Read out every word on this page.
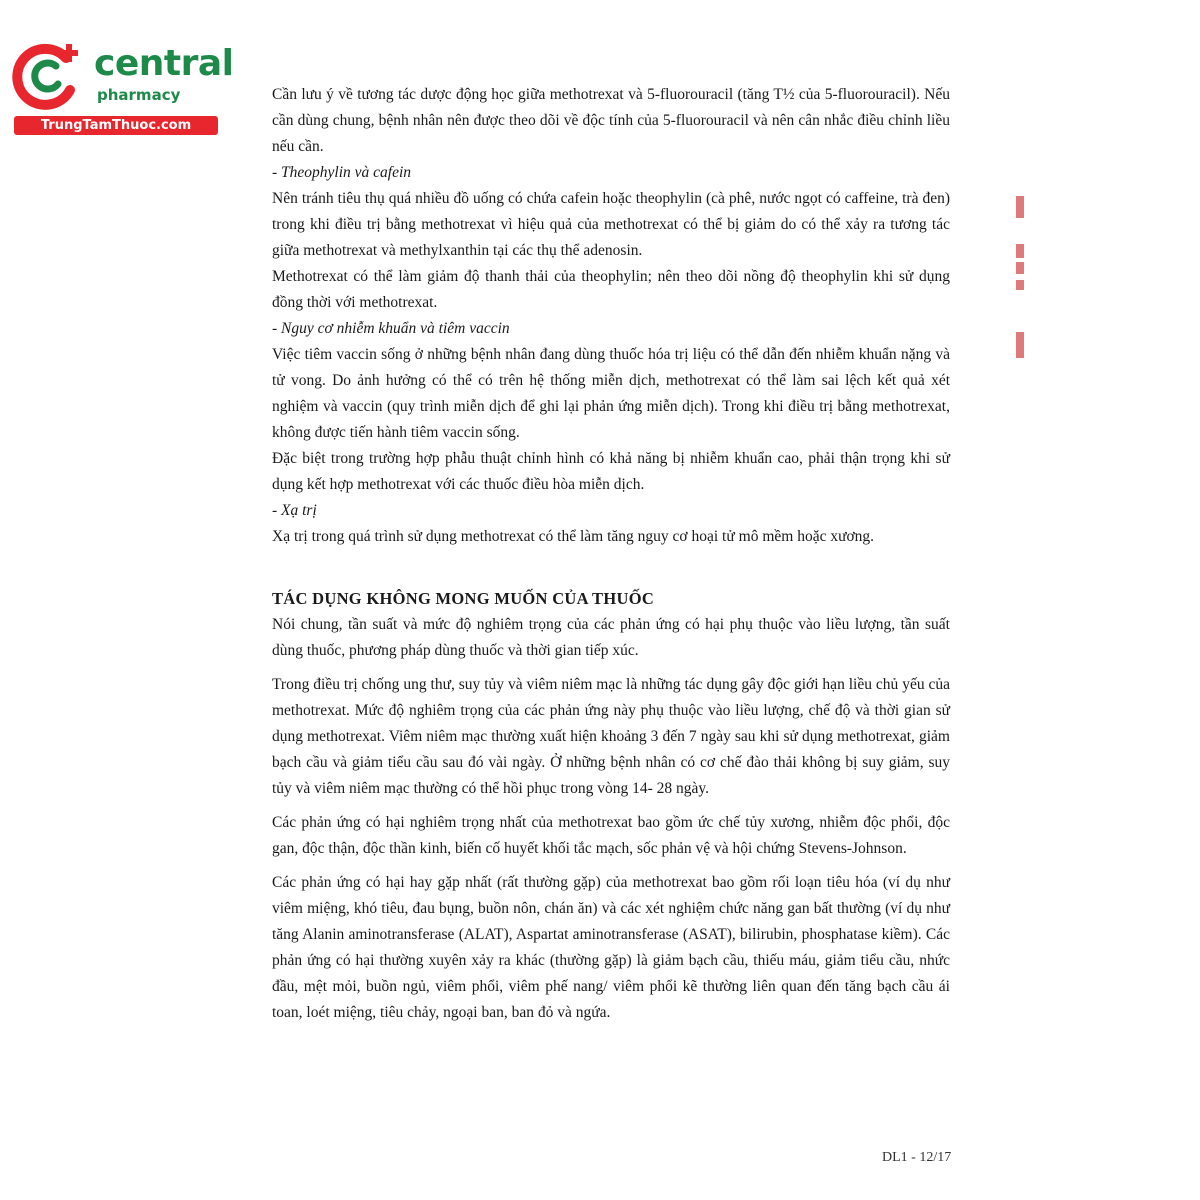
central
pharmacy
TrungTamThuoc.com

Cần lưu ý về tương tác dược động học giữa methotrexat và 5-fluorouracil (tăng T½ của 5-fluorouracil). Nếu cần dùng chung, bệnh nhân nên được theo dõi về độc tính của 5-fluorouracil và nên cân nhắc điều chỉnh liều nếu cần.

- Theophylin và cafein

Nên tránh tiêu thụ quá nhiều đồ uống có chứa cafein hoặc theophylin (cà phê, nước ngọt có caffeine, trà đen) trong khi điều trị bằng methotrexat vì hiệu quả của methotrexat có thể bị giảm do có thể xảy ra tương tác giữa methotrexat và methylxanthin tại các thụ thể adenosin.

Methotrexat có thể làm giảm độ thanh thải của theophylin; nên theo dõi nồng độ theophylin khi sử dụng đồng thời với methotrexat.

- Nguy cơ nhiễm khuẩn và tiêm vaccin

Việc tiêm vaccin sống ở những bệnh nhân đang dùng thuốc hóa trị liệu có thể dẫn đến nhiễm khuẩn nặng và tử vong. Do ảnh hưởng có thể có trên hệ thống miễn dịch, methotrexat có thể làm sai lệch kết quả xét nghiệm và vaccin (quy trình miễn dịch để ghi lại phản ứng miễn dịch). Trong khi điều trị bằng methotrexat, không được tiến hành tiêm vaccin sống.

Đặc biệt trong trường hợp phẫu thuật chỉnh hình có khả năng bị nhiễm khuẩn cao, phải thận trọng khi sử dụng kết hợp methotrexat với các thuốc điều hòa miễn dịch.

- Xạ trị

Xạ trị trong quá trình sử dụng methotrexat có thể làm tăng nguy cơ hoại tử mô mềm hoặc xương.

TÁC DỤNG KHÔNG MONG MUỐN CỦA THUỐC

Nói chung, tần suất và mức độ nghiêm trọng của các phản ứng có hại phụ thuộc vào liều lượng, tần suất dùng thuốc, phương pháp dùng thuốc và thời gian tiếp xúc.

Trong điều trị chống ung thư, suy tủy và viêm niêm mạc là những tác dụng gây độc giới hạn liều chủ yếu của methotrexat. Mức độ nghiêm trọng của các phản ứng này phụ thuộc vào liều lượng, chế độ và thời gian sử dụng methotrexat. Viêm niêm mạc thường xuất hiện khoảng 3 đến 7 ngày sau khi sử dụng methotrexat, giảm bạch cầu và giảm tiểu cầu sau đó vài ngày. Ở những bệnh nhân có cơ chế đào thải không bị suy giảm, suy tủy và viêm niêm mạc thường có thể hồi phục trong vòng 14- 28 ngày.

Các phản ứng có hại nghiêm trọng nhất của methotrexat bao gồm ức chế tủy xương, nhiễm độc phổi, độc gan, độc thận, độc thần kinh, biến cố huyết khối tắc mạch, sốc phản vệ và hội chứng Stevens-Johnson.

Các phản ứng có hại hay gặp nhất (rất thường gặp) của methotrexat bao gồm rối loạn tiêu hóa (ví dụ như viêm miệng, khó tiêu, đau bụng, buồn nôn, chán ăn) và các xét nghiệm chức năng gan bất thường (ví dụ như tăng Alanin aminotransferase (ALAT), Aspartat aminotransferase (ASAT), bilirubin, phosphatase kiềm). Các phản ứng có hại thường xuyên xảy ra khác (thường gặp) là giảm bạch cầu, thiếu máu, giảm tiểu cầu, nhức đầu, mệt mỏi, buồn ngủ, viêm phổi, viêm phế nang/ viêm phổi kẽ thường liên quan đến tăng bạch cầu ái toan, loét miệng, tiêu chảy, ngoại ban, ban đỏ và ngứa.

DL1 - 12/17
